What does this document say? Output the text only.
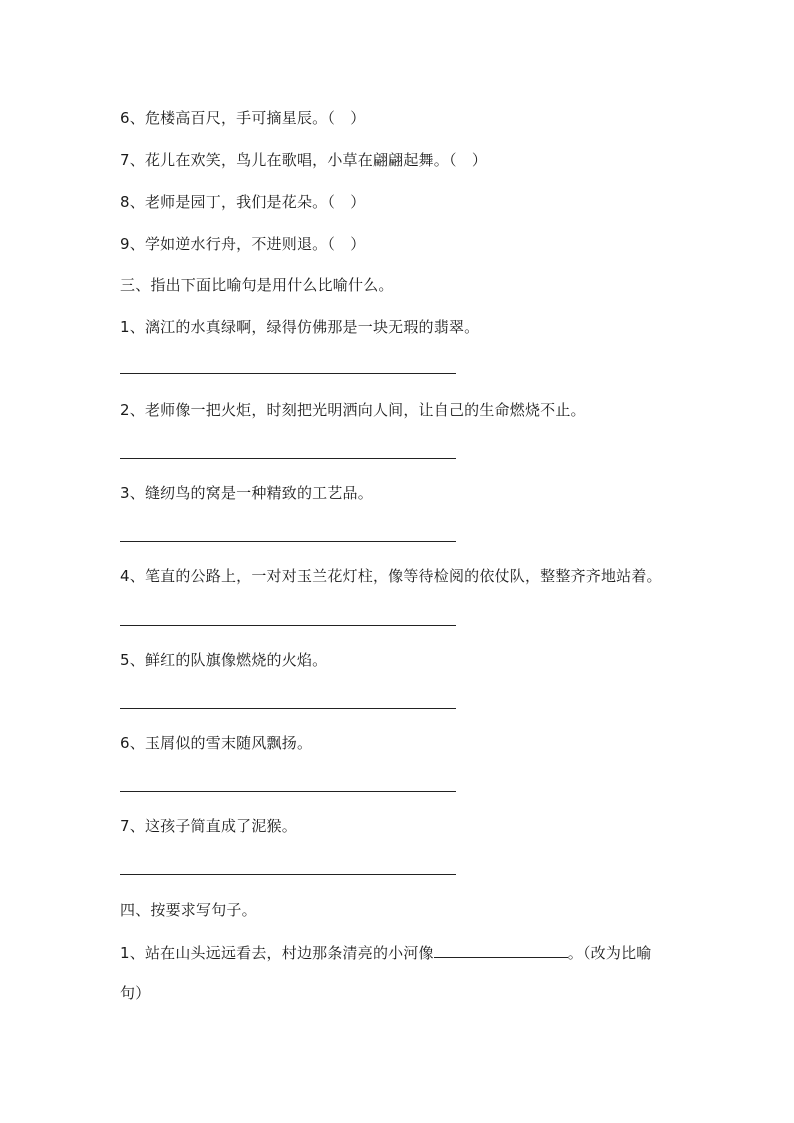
6、危楼高百尺，手可摘星辰。（　）
7、花儿在欢笑，鸟儿在歌唱，小草在翩翩起舞。（　）
8、老师是园丁，我们是花朵。（　）
9、学如逆水行舟，不进则退。（　）
三、指出下面比喻句是用什么比喻什么。
1、漓江的水真绿啊，绿得仿佛那是一块无瑕的翡翠。
2、老师像一把火炬，时刻把光明洒向人间，让自己的生命燃烧不止。
3、缝纫鸟的窝是一种精致的工艺品。
4、笔直的公路上，一对对玉兰花灯柱，像等待检阅的依仗队，整整齐齐地站着。
5、鲜红的队旗像燃烧的火焰。
6、玉屑似的雪末随风飘扬。
7、这孩子简直成了泥猴。
四、按要求写句子。
1、站在山头远远看去，村边那条清亮的小河像	。（改为比喻
句）
